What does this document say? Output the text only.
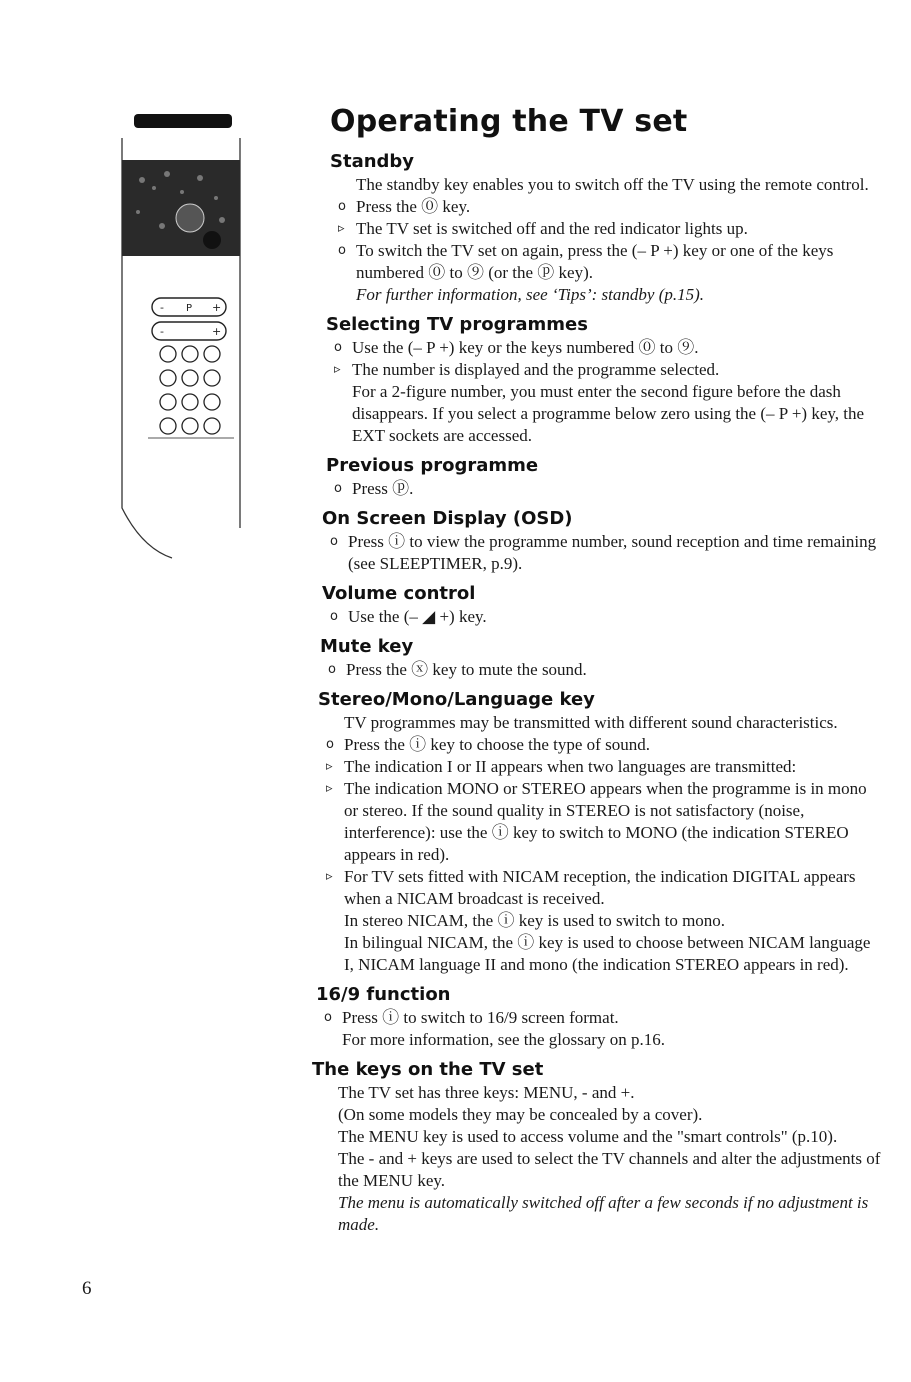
P
-	+
-	+
Operating the TV set
Standby
The standby key enables you to switch off the TV using the remote control.
o Press the ⓪ key.
▹ The TV set is switched off and the red indicator lights up.
o To switch the TV set on again, press the (– P +) key or one of the keys numbered ⓪ to ⑨ (or the ⓟ key).
For further information, see ‘Tips’: standby (p.15).
Selecting TV programmes
o Use the (– P +) key or the keys numbered ⓪ to ⑨.
▹ The number is displayed and the programme selected.
For a 2-figure number, you must enter the second figure before the dash disappears. If you select a programme below zero using the (– P +) key, the EXT sockets are accessed.
Previous programme
o Press ⓟ.
On Screen Display (OSD)
o Press ⓘ to view the programme number, sound reception and time remaining (see SLEEPTIMER, p.9).
Volume control
o Use the (– ◢ +) key.
Mute key
o Press the ⓧ key to mute the sound.
Stereo/Mono/Language key
TV programmes may be transmitted with different sound characteristics.
o Press the ⓘ key to choose the type of sound.
▹ The indication I or II appears when two languages are transmitted:
▹ The indication MONO or STEREO appears when the programme is in mono or stereo. If the sound quality in STEREO is not satisfactory (noise, interference): use the ⓘ key to switch to MONO (the indication STEREO appears in red).
▹ For TV sets fitted with NICAM reception, the indication DIGITAL appears when a NICAM broadcast is received.
In stereo NICAM, the ⓘ key is used to switch to mono.
In bilingual NICAM, the ⓘ key is used to choose between NICAM language I, NICAM language II and mono (the indication STEREO appears in red).
16/9 function
o Press ⓘ to switch to 16/9 screen format.
For more information, see the glossary on p.16.
The keys on the TV set
The TV set has three keys: MENU, - and +.
(On some models they may be concealed by a cover).
The MENU key is used to access volume and the "smart controls" (p.10).
The - and + keys are used to select the TV channels and alter the adjustments of the MENU key.
The menu is automatically switched off after a few seconds if no adjustment is made.
6
